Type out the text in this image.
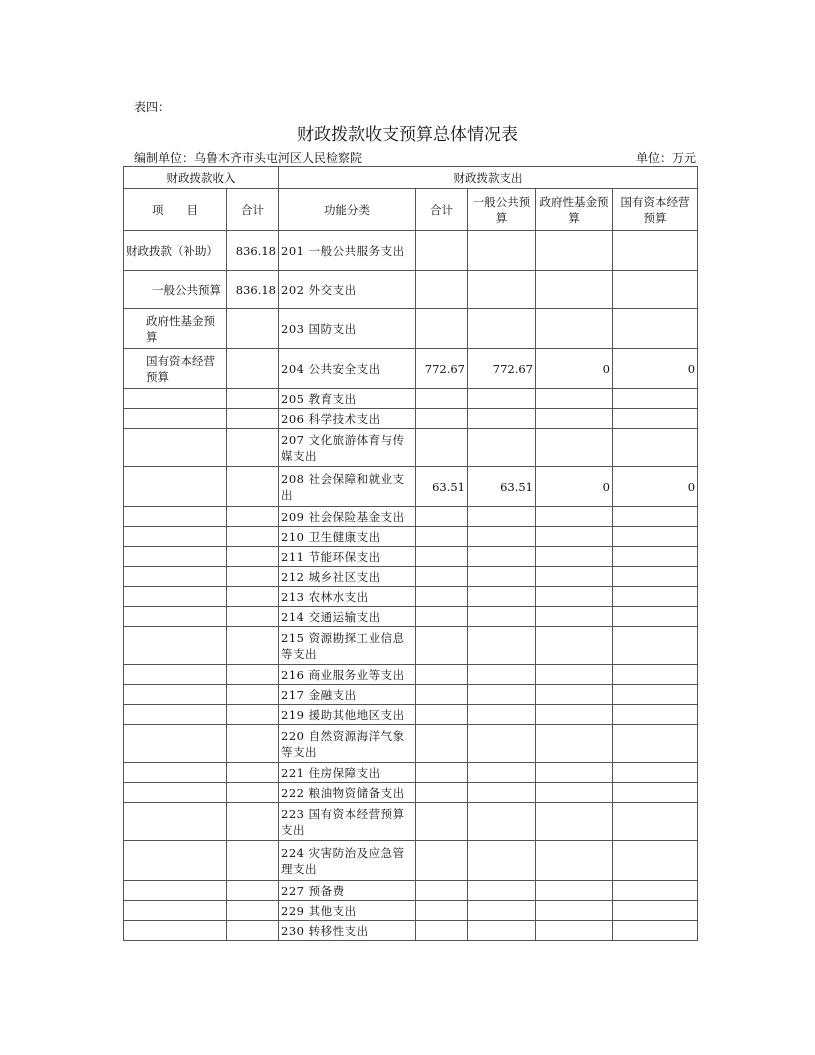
表四：
财政拨款收支预算总体情况表
编制单位：乌鲁木齐市头屯河区人民检察院	单位：万元
财政拨款收入		财政拨款支出				
项　　目	合计	功能分类	合计	一般公共预算	政府性基金预算	国有资本经营预算
财政拨款（补助）	836.18	201 一般公共服务支出				
一般公共预算	836.18	202 外交支出				
政府性基金预算		203 国防支出				
国有资本经营预算		204 公共安全支出	772.67	772.67	0	0
		205 教育支出				
		206 科学技术支出				
		207 文化旅游体育与传媒支出				
		208 社会保障和就业支出	63.51	63.51	0	0
		209 社会保险基金支出				
		210 卫生健康支出				
		211 节能环保支出				
		212 城乡社区支出				
		213 农林水支出				
		214 交通运输支出				
		215 资源勘探工业信息等支出				
		216 商业服务业等支出				
		217 金融支出				
		219 援助其他地区支出				
		220 自然资源海洋气象等支出				
		221 住房保障支出				
		222 粮油物资储备支出				
		223 国有资本经营预算支出				
		224 灾害防治及应急管理支出				
		227 预备费				
		229 其他支出				
		230 转移性支出				
